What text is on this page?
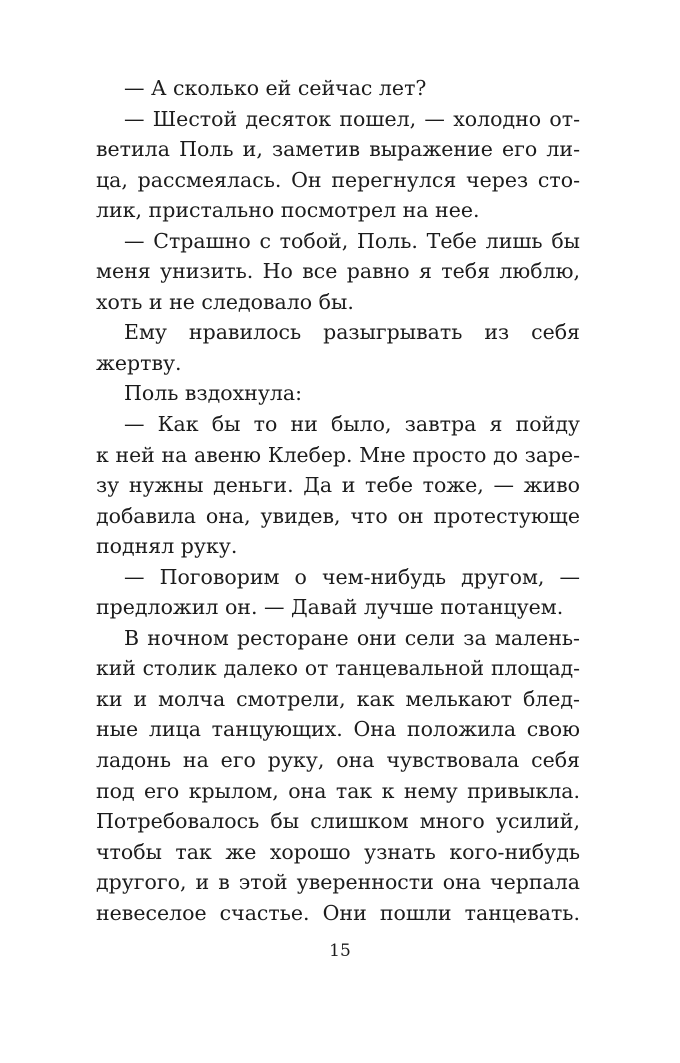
— А сколько ей сейчас лет?
— Шестой десяток пошел, — холодно от-
ветила Поль и, заметив выражение его ли-
ца, рассмеялась. Он перегнулся через сто-
лик, пристально посмотрел на нее.
— Страшно с тобой, Поль. Тебе лишь бы
меня унизить. Но все равно я тебя люблю,
хоть и не следовало бы.
Ему нравилось разыгрывать из себя
жертву.
Поль вздохнула:
— Как бы то ни было, завтра я пойду
к ней на авеню Клебер. Мне просто до заре-
зу нужны деньги. Да и тебе тоже, — живо
добавила она, увидев, что он протестующе
поднял руку.
— Поговорим о чем-нибудь другом, —
предложил он. — Давай лучше потанцуем.
В ночном ресторане они сели за малень-
кий столик далеко от танцевальной площад-
ки и молча смотрели, как мелькают блед-
ные лица танцующих. Она положила свою
ладонь на его руку, она чувствовала себя
под его крылом, она так к нему привыкла.
Потребовалось бы слишком много усилий,
чтобы так же хорошо узнать кого-нибудь
другого, и в этой уверенности она черпала
невеселое счастье. Они пошли танцевать.
15
